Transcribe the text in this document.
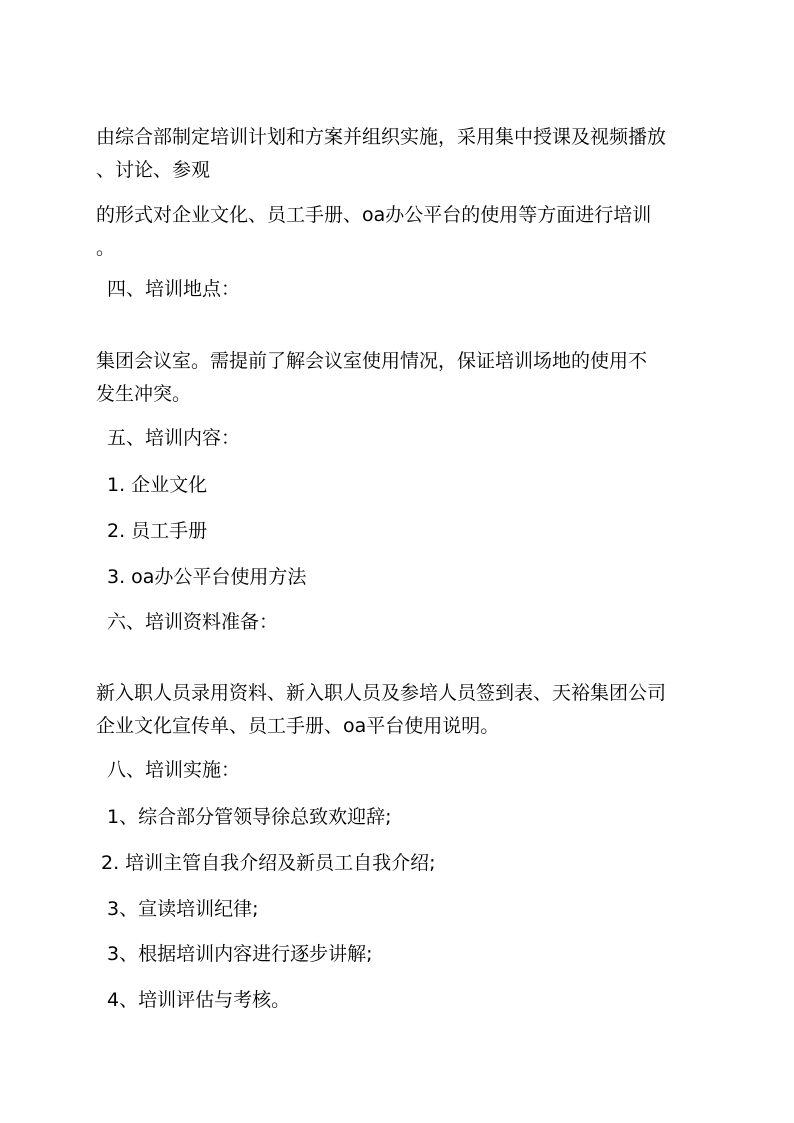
由综合部制定培训计划和方案并组织实施，采用集中授课及视频播放
、讨论、参观
的形式对企业文化、员工手册、oa办公平台的使用等方面进行培训
。
四、培训地点：
集团会议室。需提前了解会议室使用情况，保证培训场地的使用不
发生冲突。
五、培训内容：
1. 企业文化
2. 员工手册
3. oa办公平台使用方法
六、培训资料准备：
新入职人员录用资料、新入职人员及参培人员签到表、天裕集团公司
企业文化宣传单、员工手册、oa平台使用说明。
八、培训实施：
1、综合部分管领导徐总致欢迎辞;
2. 培训主管自我介绍及新员工自我介绍;
3、宣读培训纪律;
3、根据培训内容进行逐步讲解;
4、培训评估与考核。
